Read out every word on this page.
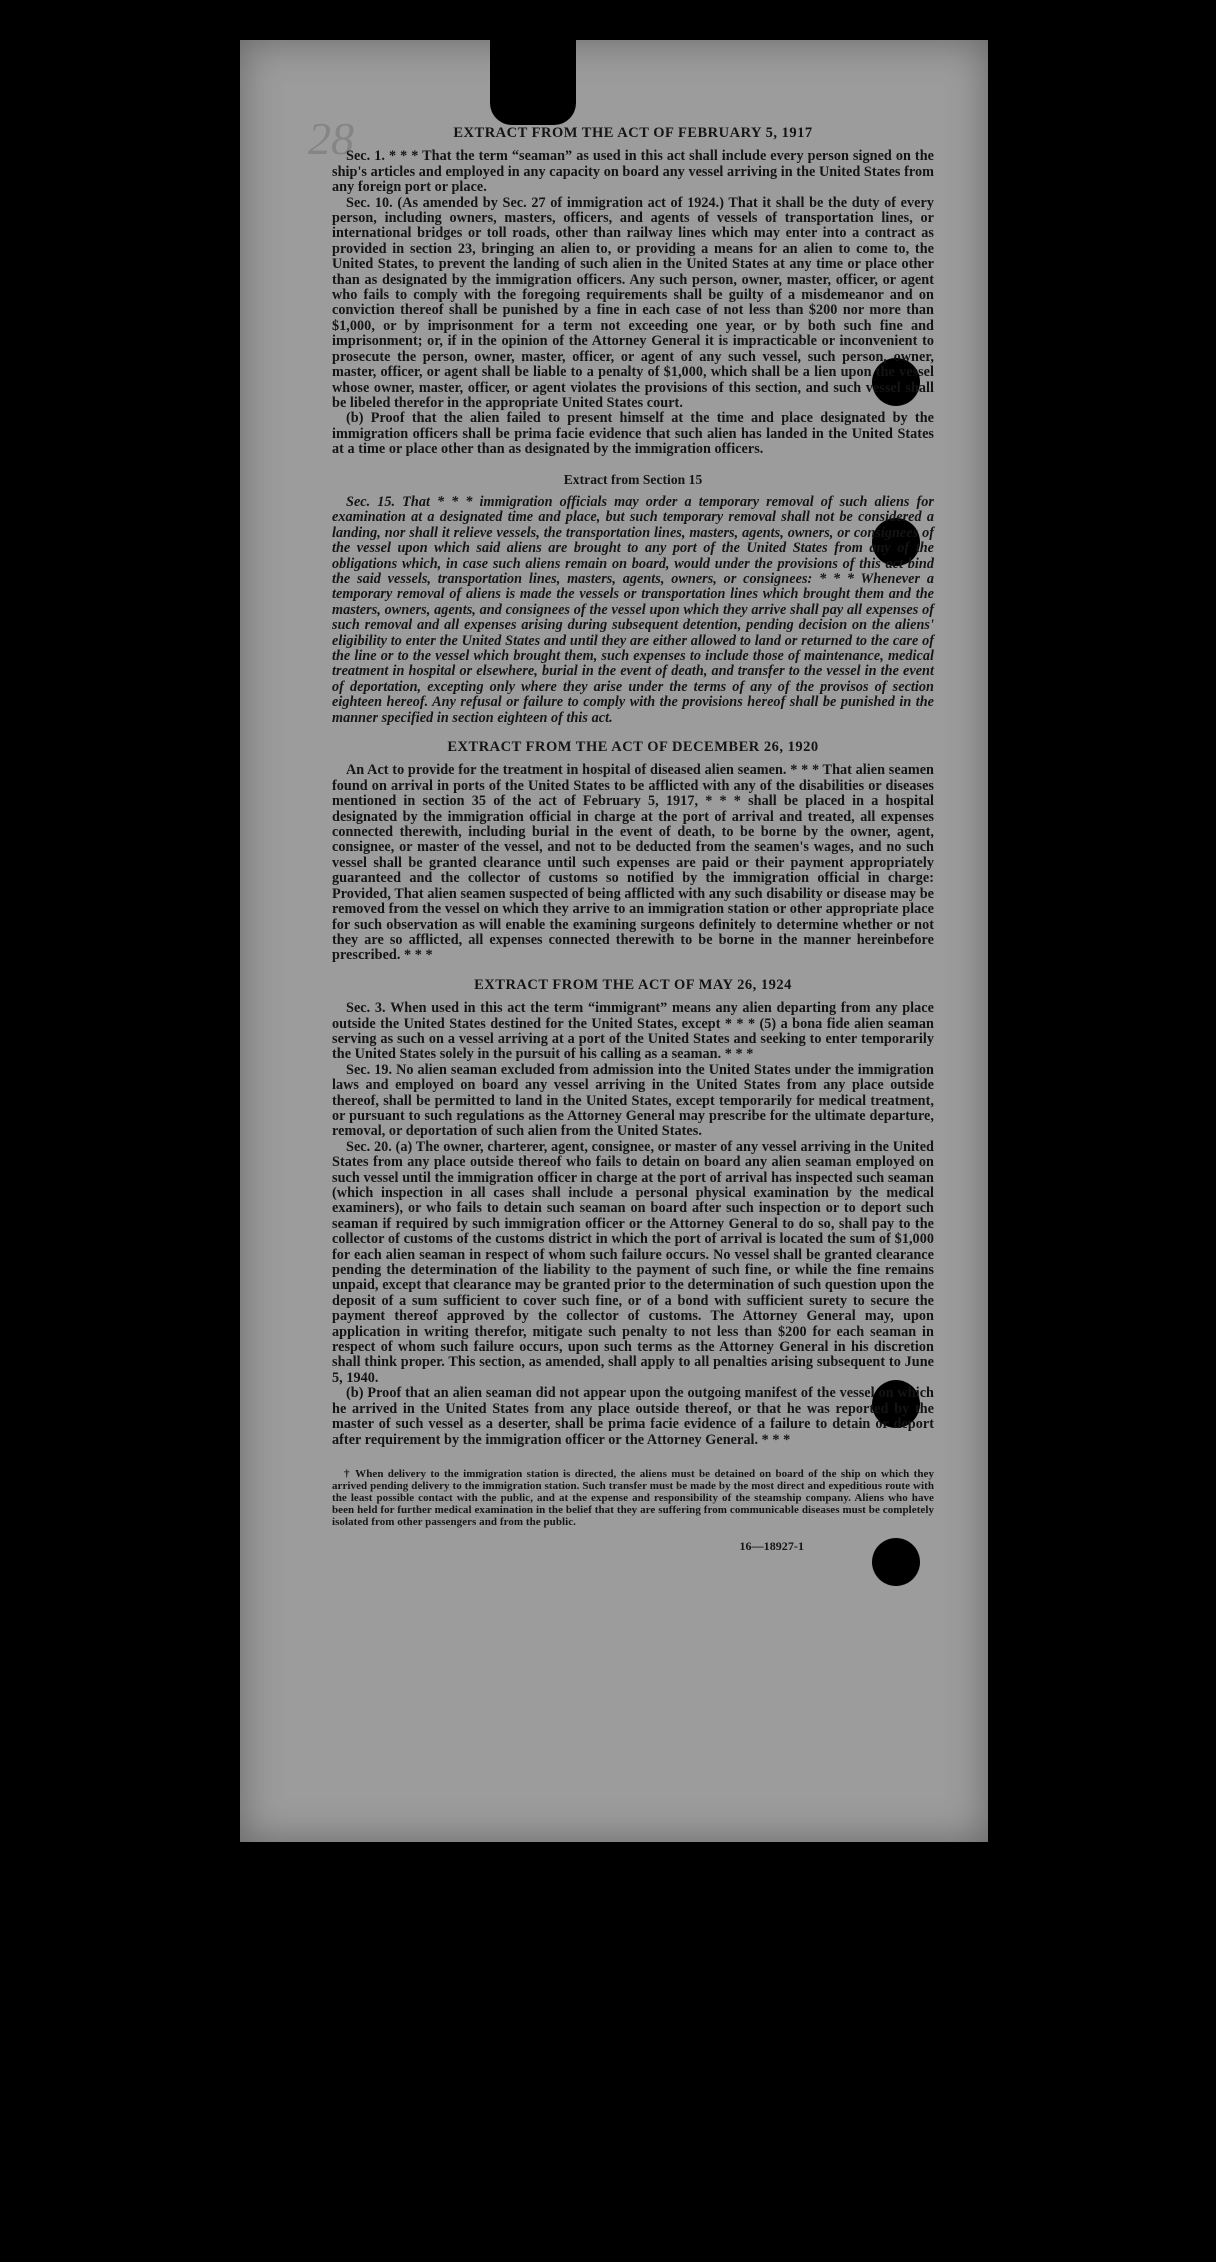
28	EXTRACT FROM THE ACT OF FEBRUARY 5, 1917

Sec. 1. * * * That the term “seaman” as used in this act shall include every person signed on the ship's articles and employed in any capacity on board any vessel arriving in the United States from any foreign port or place.

Sec. 10. (As amended by Sec. 27 of immigration act of 1924.) That it shall be the duty of every person, including owners, masters, officers, and agents of vessels of transportation lines, or international bridges or toll roads, other than railway lines which may enter into a contract as provided in section 23, bringing an alien to, or providing a means for an alien to come to, the United States, to prevent the landing of such alien in the United States at any time or place other than as designated by the immigration officers. Any such person, owner, master, officer, or agent who fails to comply with the foregoing requirements shall be guilty of a misdemeanor and on conviction thereof shall be punished by a fine in each case of not less than $200 nor more than $1,000, or by imprisonment for a term not exceeding one year, or by both such fine and imprisonment; or, if in the opinion of the Attorney General it is impracticable or inconvenient to prosecute the person, owner, master, officer, or agent of any such vessel, such person, owner, master, officer, or agent shall be liable to a penalty of $1,000, which shall be a lien upon the vessel whose owner, master, officer, or agent violates the provisions of this section, and such vessel shall be libeled therefor in the appropriate United States court.

(b) Proof that the alien failed to present himself at the time and place designated by the immigration officers shall be prima facie evidence that such alien has landed in the United States at a time or place other than as designated by the immigration officers.

Extract from Section 15

Sec. 15. That * * * immigration officials may order a temporary removal of such aliens for examination at a designated time and place, but such temporary removal shall not be considered a landing, nor shall it relieve vessels, the transportation lines, masters, agents, owners, or consignees of the vessel upon which said aliens are brought to any port of the United States from any of the obligations which, in case such aliens remain on board, would under the provisions of this act bind the said vessels, transportation lines, masters, agents, owners, or consignees: * * * Whenever a temporary removal of aliens is made the vessels or transportation lines which brought them and the masters, owners, agents, and consignees of the vessel upon which they arrive shall pay all expenses of such removal and all expenses arising during subsequent detention, pending decision on the aliens' eligibility to enter the United States and until they are either allowed to land or returned to the care of the line or to the vessel which brought them, such expenses to include those of maintenance, medical treatment in hospital or elsewhere, burial in the event of death, and transfer to the vessel in the event of deportation, excepting only where they arise under the terms of any of the provisos of section eighteen hereof. Any refusal or failure to comply with the provisions hereof shall be punished in the manner specified in section eighteen of this act.

EXTRACT FROM THE ACT OF DECEMBER 26, 1920

An Act to provide for the treatment in hospital of diseased alien seamen. * * * That alien seamen found on arrival in ports of the United States to be afflicted with any of the disabilities or diseases mentioned in section 35 of the act of February 5, 1917, * * * shall be placed in a hospital designated by the immigration official in charge at the port of arrival and treated, all expenses connected therewith, including burial in the event of death, to be borne by the owner, agent, consignee, or master of the vessel, and not to be deducted from the seamen's wages, and no such vessel shall be granted clearance until such expenses are paid or their payment appropriately guaranteed and the collector of customs so notified by the immigration official in charge: Provided, That alien seamen suspected of being afflicted with any such disability or disease may be removed from the vessel on which they arrive to an immigration station or other appropriate place for such observation as will enable the examining surgeons definitely to determine whether or not they are so afflicted, all expenses connected therewith to be borne in the manner hereinbefore prescribed. * * *

EXTRACT FROM THE ACT OF MAY 26, 1924

Sec. 3. When used in this act the term “immigrant” means any alien departing from any place outside the United States destined for the United States, except * * * (5) a bona fide alien seaman serving as such on a vessel arriving at a port of the United States and seeking to enter temporarily the United States solely in the pursuit of his calling as a seaman. * * *

Sec. 19. No alien seaman excluded from admission into the United States under the immigration laws and employed on board any vessel arriving in the United States from any place outside thereof, shall be permitted to land in the United States, except temporarily for medical treatment, or pursuant to such regulations as the Attorney General may prescribe for the ultimate departure, removal, or deportation of such alien from the United States.

Sec. 20. (a) The owner, charterer, agent, consignee, or master of any vessel arriving in the United States from any place outside thereof who fails to detain on board any alien seaman employed on such vessel until the immigration officer in charge at the port of arrival has inspected such seaman (which inspection in all cases shall include a personal physical examination by the medical examiners), or who fails to detain such seaman on board after such inspection or to deport such seaman if required by such immigration officer or the Attorney General to do so, shall pay to the collector of customs of the customs district in which the port of arrival is located the sum of $1,000 for each alien seaman in respect of whom such failure occurs. No vessel shall be granted clearance pending the determination of the liability to the payment of such fine, or while the fine remains unpaid, except that clearance may be granted prior to the determination of such question upon the deposit of a sum sufficient to cover such fine, or of a bond with sufficient surety to secure the payment thereof approved by the collector of customs. The Attorney General may, upon application in writing therefor, mitigate such penalty to not less than $200 for each seaman in respect of whom such failure occurs, upon such terms as the Attorney General in his discretion shall think proper. This section, as amended, shall apply to all penalties arising subsequent to June 5, 1940.

(b) Proof that an alien seaman did not appear upon the outgoing manifest of the vessel on which he arrived in the United States from any place outside thereof, or that he was reported by the master of such vessel as a deserter, shall be prima facie evidence of a failure to detain or deport after requirement by the immigration officer or the Attorney General. * * *

† When delivery to the immigration station is directed, the aliens must be detained on board of the ship on which they arrived pending delivery to the immigration station. Such transfer must be made by the most direct and expeditious route with the least possible contact with the public, and at the expense and responsibility of the steamship company. Aliens who have been held for further medical examination in the belief that they are suffering from communicable diseases must be completely isolated from other passengers and from the public.

16—18927-1
